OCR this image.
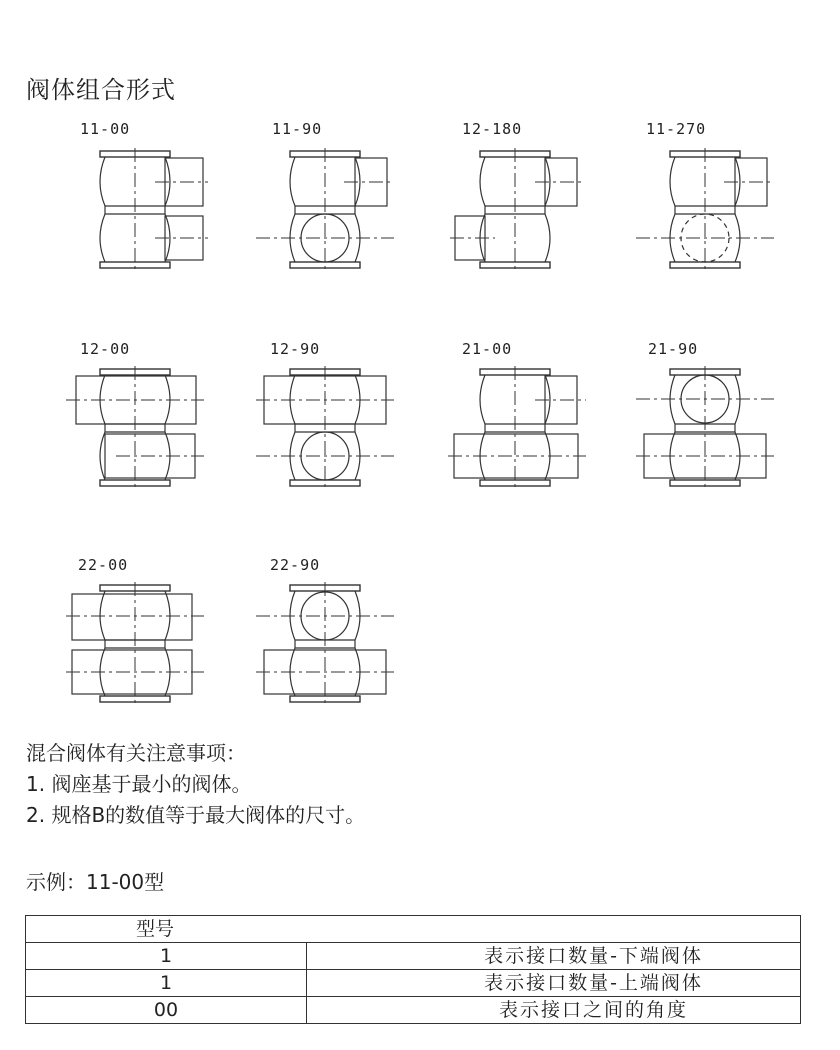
阀体组合形式
11-00	11-90	12-180	11-270
12-00	12-90	21-00	21-90
22-00	22-90
混合阀体有关注意事项：
1. 阀座基于最小的阀体。
2. 规格B的数值等于最大阀体的尺寸。
示例：11-00型
型号	
1	表示接口数量-下端阀体
1	表示接口数量-上端阀体
00	表示接口之间的角度
